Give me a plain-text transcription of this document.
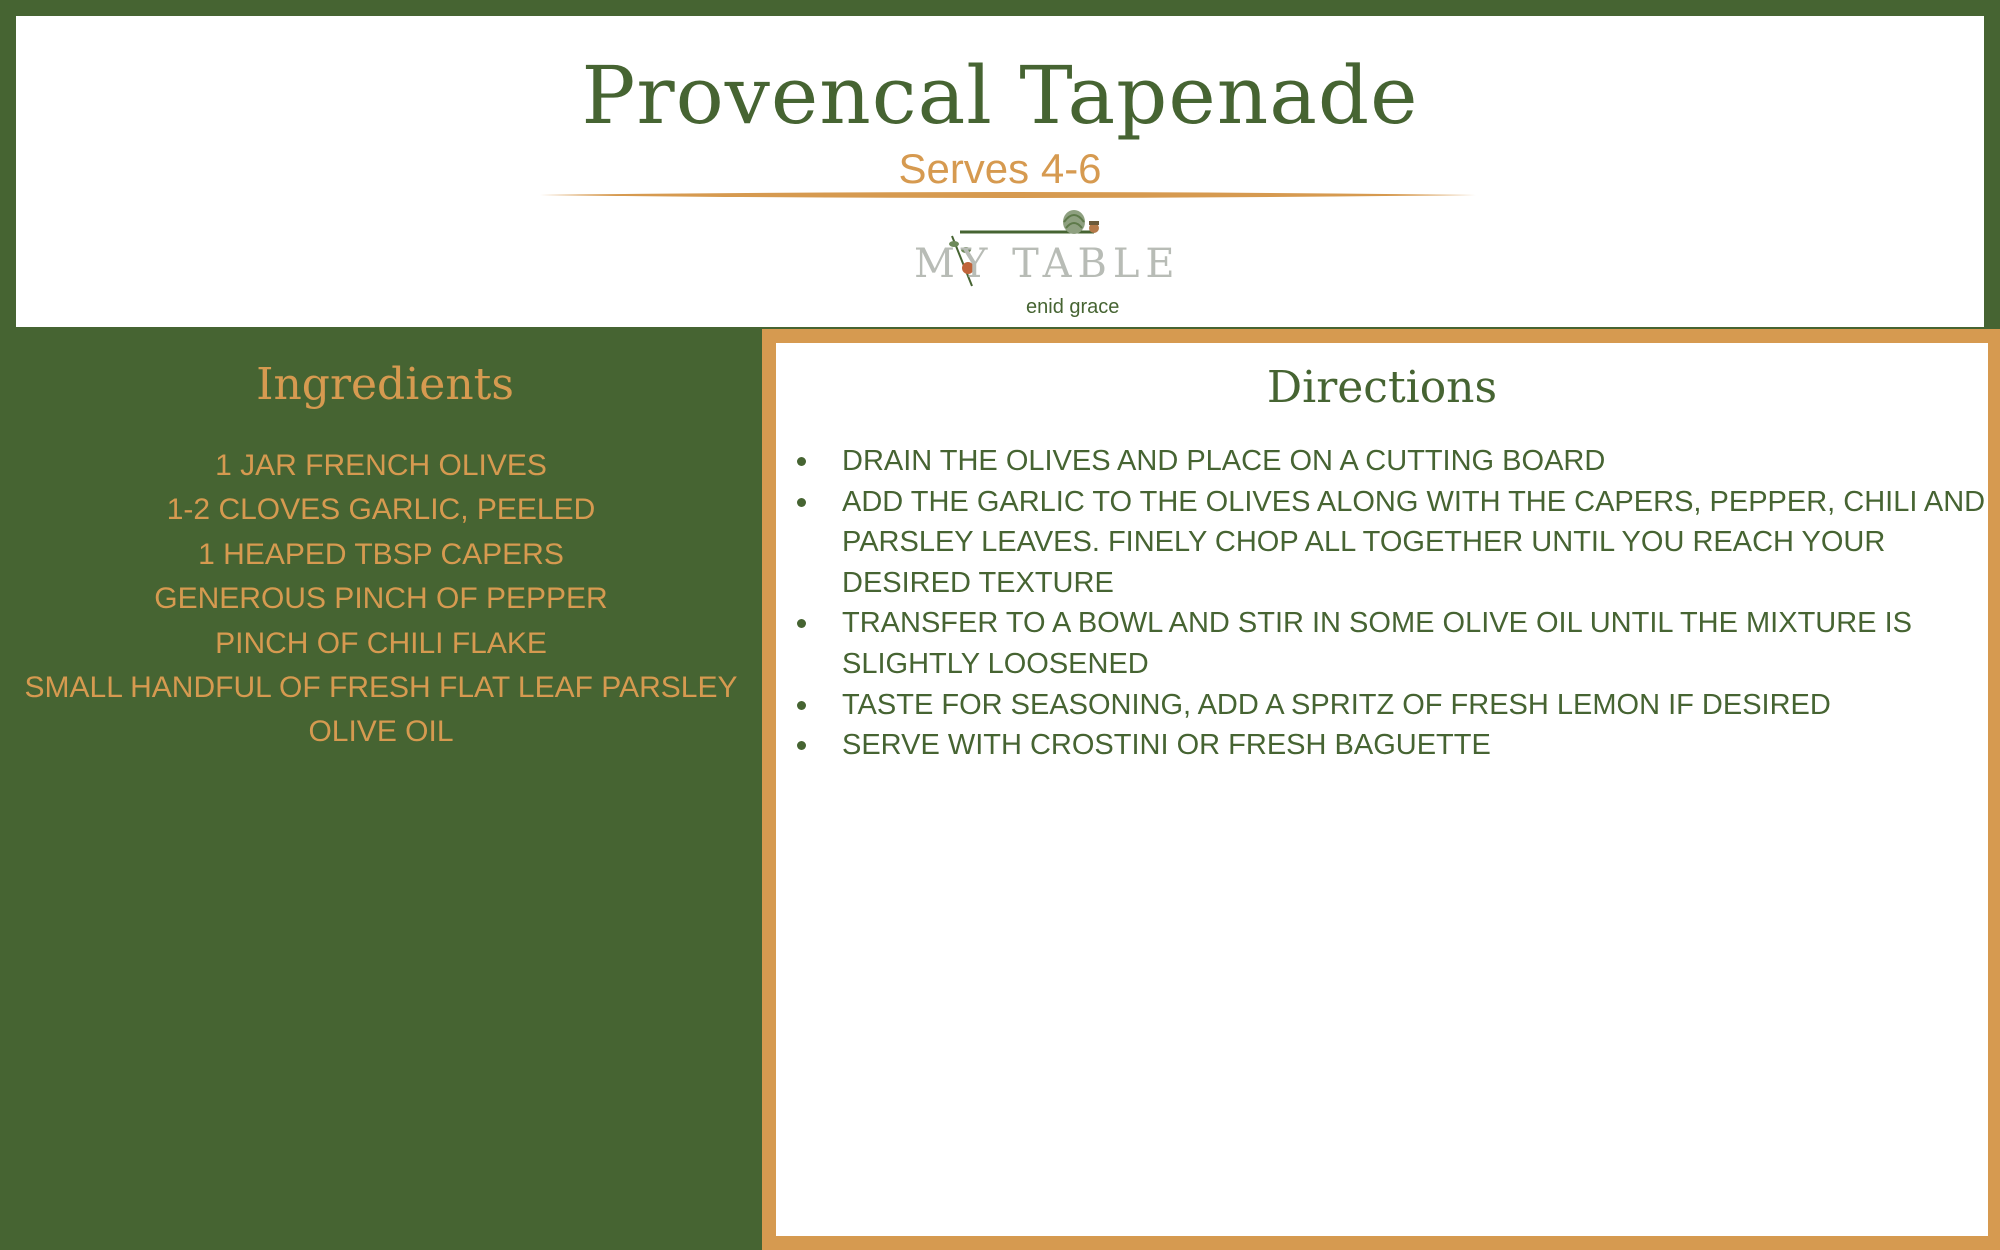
Provencal Tapenade
Serves 4-6
MY TABLE
enid grace
Ingredients
1 JAR FRENCH OLIVES
1-2 CLOVES GARLIC, PEELED
1 HEAPED TBSP CAPERS
GENEROUS PINCH OF PEPPER
PINCH OF CHILI FLAKE
SMALL HANDFUL OF FRESH FLAT LEAF PARSLEY
OLIVE OIL
Directions
DRAIN THE OLIVES AND PLACE ON A CUTTING BOARD
ADD THE GARLIC TO THE OLIVES ALONG WITH THE CAPERS, PEPPER, CHILI AND PARSLEY LEAVES. FINELY CHOP ALL TOGETHER UNTIL YOU REACH YOUR DESIRED TEXTURE
TRANSFER TO A BOWL AND STIR IN SOME OLIVE OIL UNTIL THE MIXTURE IS SLIGHTLY LOOSENED
TASTE FOR SEASONING, ADD A SPRITZ OF FRESH LEMON IF DESIRED
SERVE WITH CROSTINI OR FRESH BAGUETTE
